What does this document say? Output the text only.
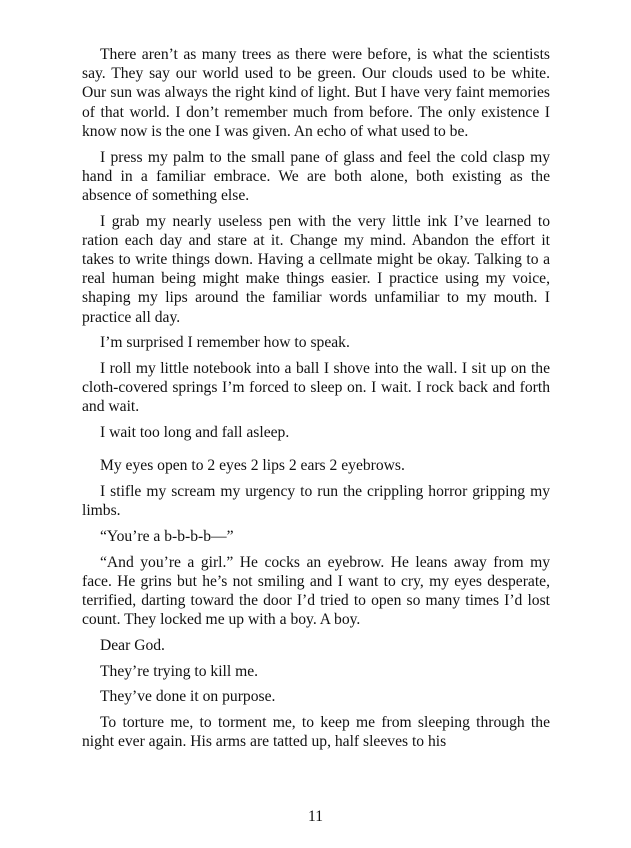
There aren’t as many trees as there were before, is what the scientists say. They say our world used to be green. Our clouds used to be white. Our sun was always the right kind of light. But I have very faint memories of that world. I don’t remember much from before. The only existence I know now is the one I was given. An echo of what used to be.

I press my palm to the small pane of glass and feel the cold clasp my hand in a familiar embrace. We are both alone, both existing as the absence of something else.

I grab my nearly useless pen with the very little ink I’ve learned to ration each day and stare at it. Change my mind. Abandon the effort it takes to write things down. Having a cellmate might be okay. Talking to a real human being might make things easier. I practice using my voice, shaping my lips around the familiar words unfamiliar to my mouth. I practice all day.

I’m surprised I remember how to speak.

I roll my little notebook into a ball I shove into the wall. I sit up on the cloth-covered springs I’m forced to sleep on. I wait. I rock back and forth and wait.

I wait too long and fall asleep.

My eyes open to 2 eyes 2 lips 2 ears 2 eyebrows.

I stifle my scream my urgency to run the crippling horror gripping my limbs.

“You’re a b-b-b-b—”

“And you’re a girl.” He cocks an eyebrow. He leans away from my face. He grins but he’s not smiling and I want to cry, my eyes desperate, terrified, darting toward the door I’d tried to open so many times I’d lost count. They locked me up with a boy. A boy.

Dear God.

They’re trying to kill me.

They’ve done it on purpose.

To torture me, to torment me, to keep me from sleeping through the night ever again. His arms are tatted up, half sleeves to his

11
